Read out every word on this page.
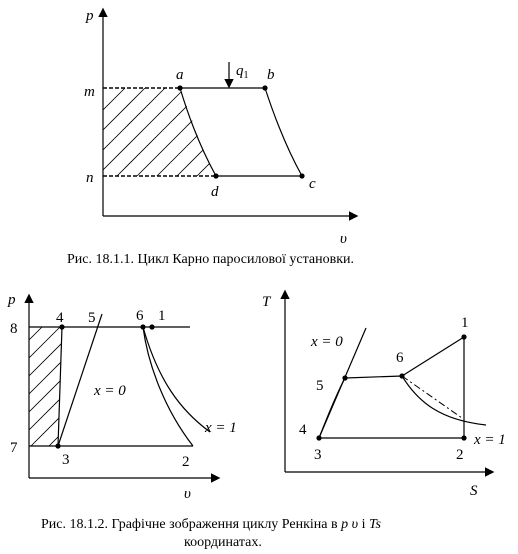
p
υ
$q_1$
a	b
c
d
m
n
Рис. 18.1.1. Цикл Карно паросилової установки.
p
υ
8
7
4 5	6 1
3	2
x = 0
x = 1
T
S
x = 0
1
6
5
4
3	2
x = 1
Рис. 18.1.2. Графічне зображення циклу Ренкіна в p υ і Ts
координатах.
